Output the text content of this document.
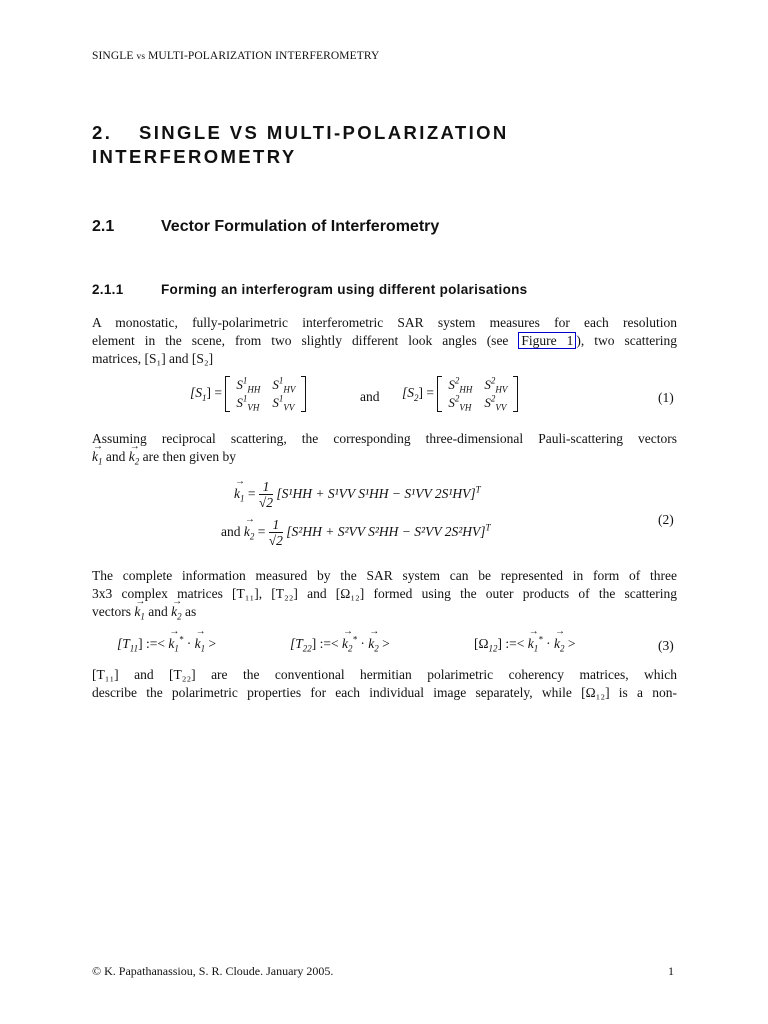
SINGLE vs MULTI-POLARIZATION INTERFEROMETRY
2. SINGLE VS MULTI-POLARIZATION
INTERFEROMETRY
2.1	Vector Formulation of Interferometry
2.1.1	Forming an interferogram using different polarisations
A monostatic, fully-polarimetric interferometric SAR system measures for each resolution
element in the scene, from two slightly different look angles (see Figure 1 ), two scattering
matrices, [S₁] and [S₂]
$[S_1]$ =
$S^1_{HH}$	$S^1_{HV}$
$S^1_{VH}$	$S^1_{VV}$
and $[S_2]$ =
$S^2_{HH}$	$S^2_{HV}$
$S^2_{VH}$	$S^2_{VV}$
(1)
Assuming reciprocal scattering, the corresponding three-dimensional Pauli-scattering vectors
→ $k_1$ and → $k_2$ are then given by
→ $k_1 = \frac{1}{√2} [S^1HH + S^1VV$ S¹HH − S¹VV 2S¹HV]$^T$
and → $k_2 = \frac{1}{√2} [S^2HH + S^2VV$ S²HH − S²VV 2S²HV]$^T$
(2)
The complete information measured by the SAR system can be represented in form of three
3x3 complex matrices [T₁₁], [T₂₂] and [Ω₁₂] formed using the outer products of the scattering
vectors → $k_1$ and → $k_2$ as
$[T_{11}]$ :=< → $k_1^*$ · → $k_1$ >	$[T_{22}]$ :=< → $k_2^*$ · → $k_2$ >	$[\Omega_{12}]$ :=< → $k_1^*$ · → $k_2$ >	(3)
[T₁₁] and [T₂₂] are the conventional hermitian polarimetric coherency matrices, which
describe the polarimetric properties for each individual image separately, while [Ω₁₂] is a non-
© K. Papathanassiou, S. R. Cloude. January 2005.	1
